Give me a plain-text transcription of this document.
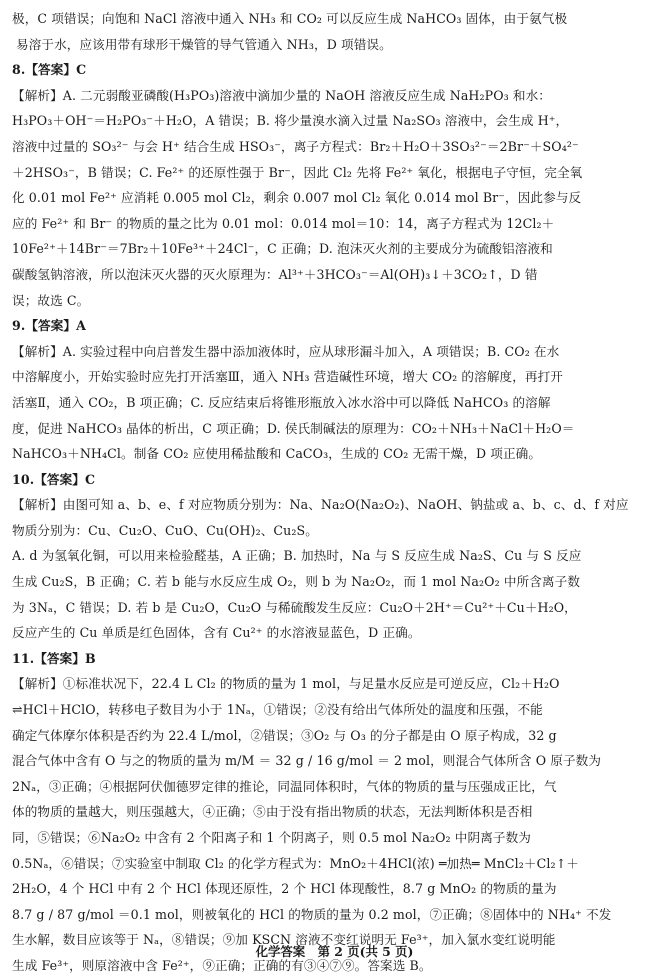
极，C 项错误；向饱和 NaCl 溶液中通入 NH₃ 和 CO₂ 可以反应生成 NaHCO₃ 固体，由于氨气极
易溶于水，应该用带有球形干燥管的导气管通入 NH₃，D 项错误。
8.【答案】C
【解析】A. 二元弱酸亚磷酸(H₃PO₃)溶液中滴加少量的 NaOH 溶液反应生成 NaH₂PO₃ 和水：
H₃PO₃＋OH⁻＝H₂PO₃⁻＋H₂O，A 错误；B. 将少量溴水滴入过量 Na₂SO₃ 溶液中，会生成 H⁺，
溶液中过量的 SO₃²⁻ 与会 H⁺ 结合生成 HSO₃⁻，离子方程式：Br₂＋H₂O＋3SO₃²⁻＝2Br⁻＋SO₄²⁻
＋2HSO₃⁻，B 错误；C. Fe²⁺ 的还原性强于 Br⁻，因此 Cl₂ 先将 Fe²⁺ 氧化，根据电子守恒，完全氧
化 0.01 mol Fe²⁺ 应消耗 0.005 mol Cl₂，剩余 0.007 mol Cl₂ 氧化 0.014 mol Br⁻，因此参与反
应的 Fe²⁺ 和 Br⁻ 的物质的量之比为 0.01 mol：0.014 mol＝10：14，离子方程式为 12Cl₂＋
10Fe²⁺＋14Br⁻＝7Br₂＋10Fe³⁺＋24Cl⁻，C 正确；D. 泡沫灭火剂的主要成分为硫酸铝溶液和
碳酸氢钠溶液，所以泡沫灭火器的灭火原理为：Al³⁺＋3HCO₃⁻＝Al(OH)₃↓＋3CO₂↑，D 错
误；故选 C。
9.【答案】A
【解析】A. 实验过程中向启普发生器中添加液体时，应从球形漏斗加入，A 项错误；B. CO₂ 在水
中溶解度小，开始实验时应先打开活塞Ⅲ，通入 NH₃ 营造碱性环境，增大 CO₂ 的溶解度，再打开
活塞Ⅱ，通入 CO₂，B 项正确；C. 反应结束后将锥形瓶放入冰水浴中可以降低 NaHCO₃ 的溶解
度，促进 NaHCO₃ 晶体的析出，C 项正确；D. 侯氏制碱法的原理为：CO₂＋NH₃＋NaCl＋H₂O＝
NaHCO₃＋NH₄Cl。制备 CO₂ 应使用稀盐酸和 CaCO₃，生成的 CO₂ 无需干燥，D 项正确。
10.【答案】C
【解析】由图可知 a、b、e、f 对应物质分别为：Na、Na₂O(Na₂O₂)、NaOH、钠盐或 a、b、c、d、f 对应
物质分别为：Cu、Cu₂O、CuO、Cu(OH)₂、Cu₂S。
A. d 为氢氧化铜，可以用来检验醛基，A 正确；B. 加热时，Na 与 S 反应生成 Na₂S、Cu 与 S 反应
生成 Cu₂S，B 正确；C. 若 b 能与水反应生成 O₂，则 b 为 Na₂O₂，而 1 mol Na₂O₂ 中所含离子数
为 3Nₐ，C 错误；D. 若 b 是 Cu₂O，Cu₂O 与稀硫酸发生反应：Cu₂O＋2H⁺＝Cu²⁺＋Cu＋H₂O，
反应产生的 Cu 单质是红色固体，含有 Cu²⁺ 的水溶液显蓝色，D 正确。
11.【答案】B
【解析】①标准状况下，22.4 L Cl₂ 的物质的量为 1 mol，与足量水反应是可逆反应，Cl₂＋H₂O
⇌HCl＋HClO，转移电子数目为小于 1Nₐ，①错误；②没有给出气体所处的温度和压强，不能
确定气体摩尔体积是否约为 22.4 L/mol，②错误；③O₂ 与 O₃ 的分子都是由 O 原子构成，32 g
混合气体中含有 O 与之的物质的量为 m/M ＝ 32 g / 16 g/mol ＝ 2 mol，则混合气体所含 O 原子数为
2Nₐ，③正确；④根据阿伏伽德罗定律的推论，同温同体积时，气体的物质的量与压强成正比，气
体的物质的量越大，则压强越大，④正确；⑤由于没有指出物质的状态，无法判断体积是否相
同，⑤错误；⑥Na₂O₂ 中含有 2 个阳离子和 1 个阴离子，则 0.5 mol Na₂O₂ 中阴离子数为
0.5Nₐ，⑥错误；⑦实验室中制取 Cl₂ 的化学方程式为：MnO₂＋4HCl(浓) ═加热═ MnCl₂＋Cl₂↑＋
2H₂O，4 个 HCl 中有 2 个 HCl 体现还原性，2 个 HCl 体现酸性，8.7 g MnO₂ 的物质的量为
8.7 g / 87 g/mol ＝0.1 mol，则被氧化的 HCl 的物质的量为 0.2 mol，⑦正确；⑧固体中的 NH₄⁺ 不发
生水解，数目应该等于 Nₐ，⑧错误；⑨加 KSCN 溶液不变红说明无 Fe³⁺，加入氯水变红说明能
生成 Fe³⁺，则原溶液中含 Fe²⁺，⑨正确；正确的有③④⑦⑨。答案选 B。
化学答案　第 2 页(共 5 页)
